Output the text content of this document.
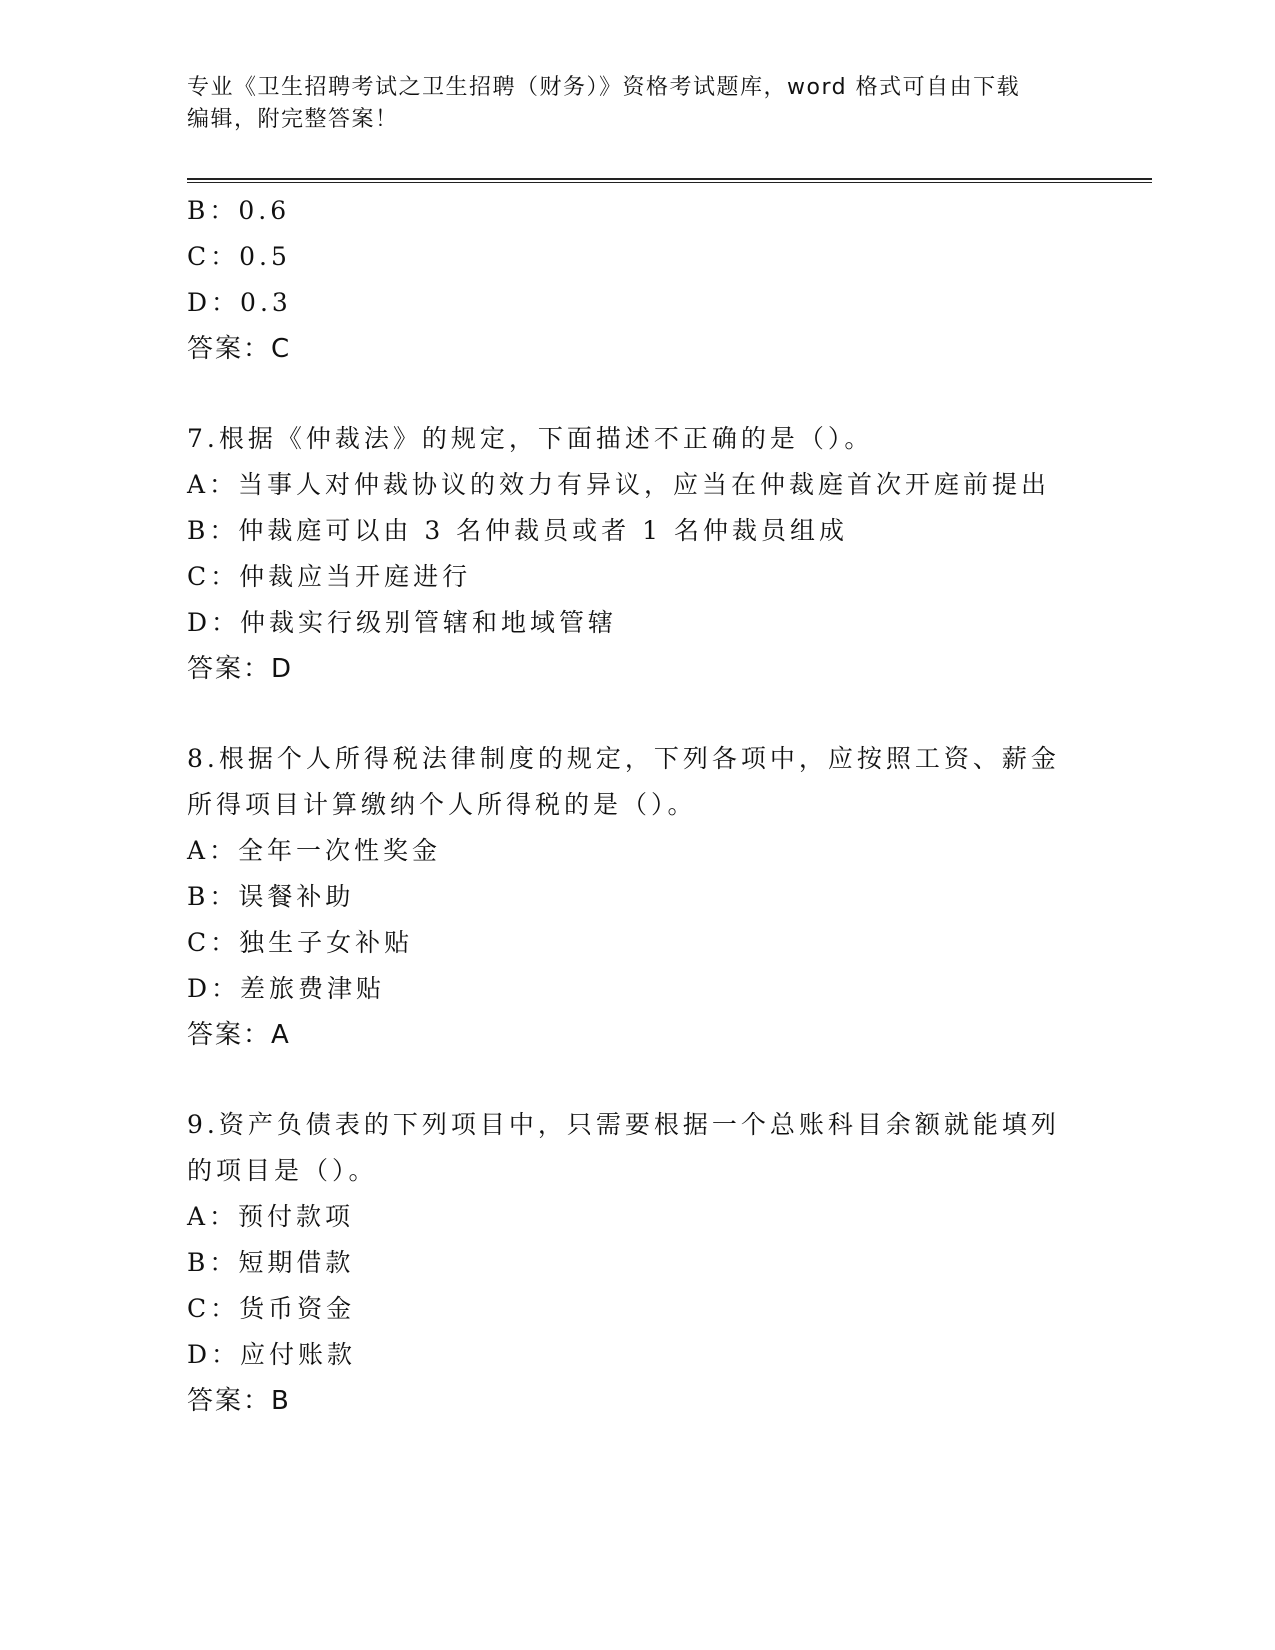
专业《卫生招聘考试之卫生招聘（财务）》资格考试题库，word 格式可自由下载
编辑，附完整答案！
B：0.6
C：0.5
D：0.3
答案：C
7.根据《仲裁法》的规定，下面描述不正确的是（）。
A：当事人对仲裁协议的效力有异议，应当在仲裁庭首次开庭前提出
B：仲裁庭可以由 3 名仲裁员或者 1 名仲裁员组成
C：仲裁应当开庭进行
D：仲裁实行级别管辖和地域管辖
答案：D
8.根据个人所得税法律制度的规定，下列各项中，应按照工资、薪金
所得项目计算缴纳个人所得税的是（）。
A：全年一次性奖金
B：误餐补助
C：独生子女补贴
D：差旅费津贴
答案：A
9.资产负债表的下列项目中，只需要根据一个总账科目余额就能填列
的项目是（）。
A：预付款项
B：短期借款
C：货币资金
D：应付账款
答案：B
